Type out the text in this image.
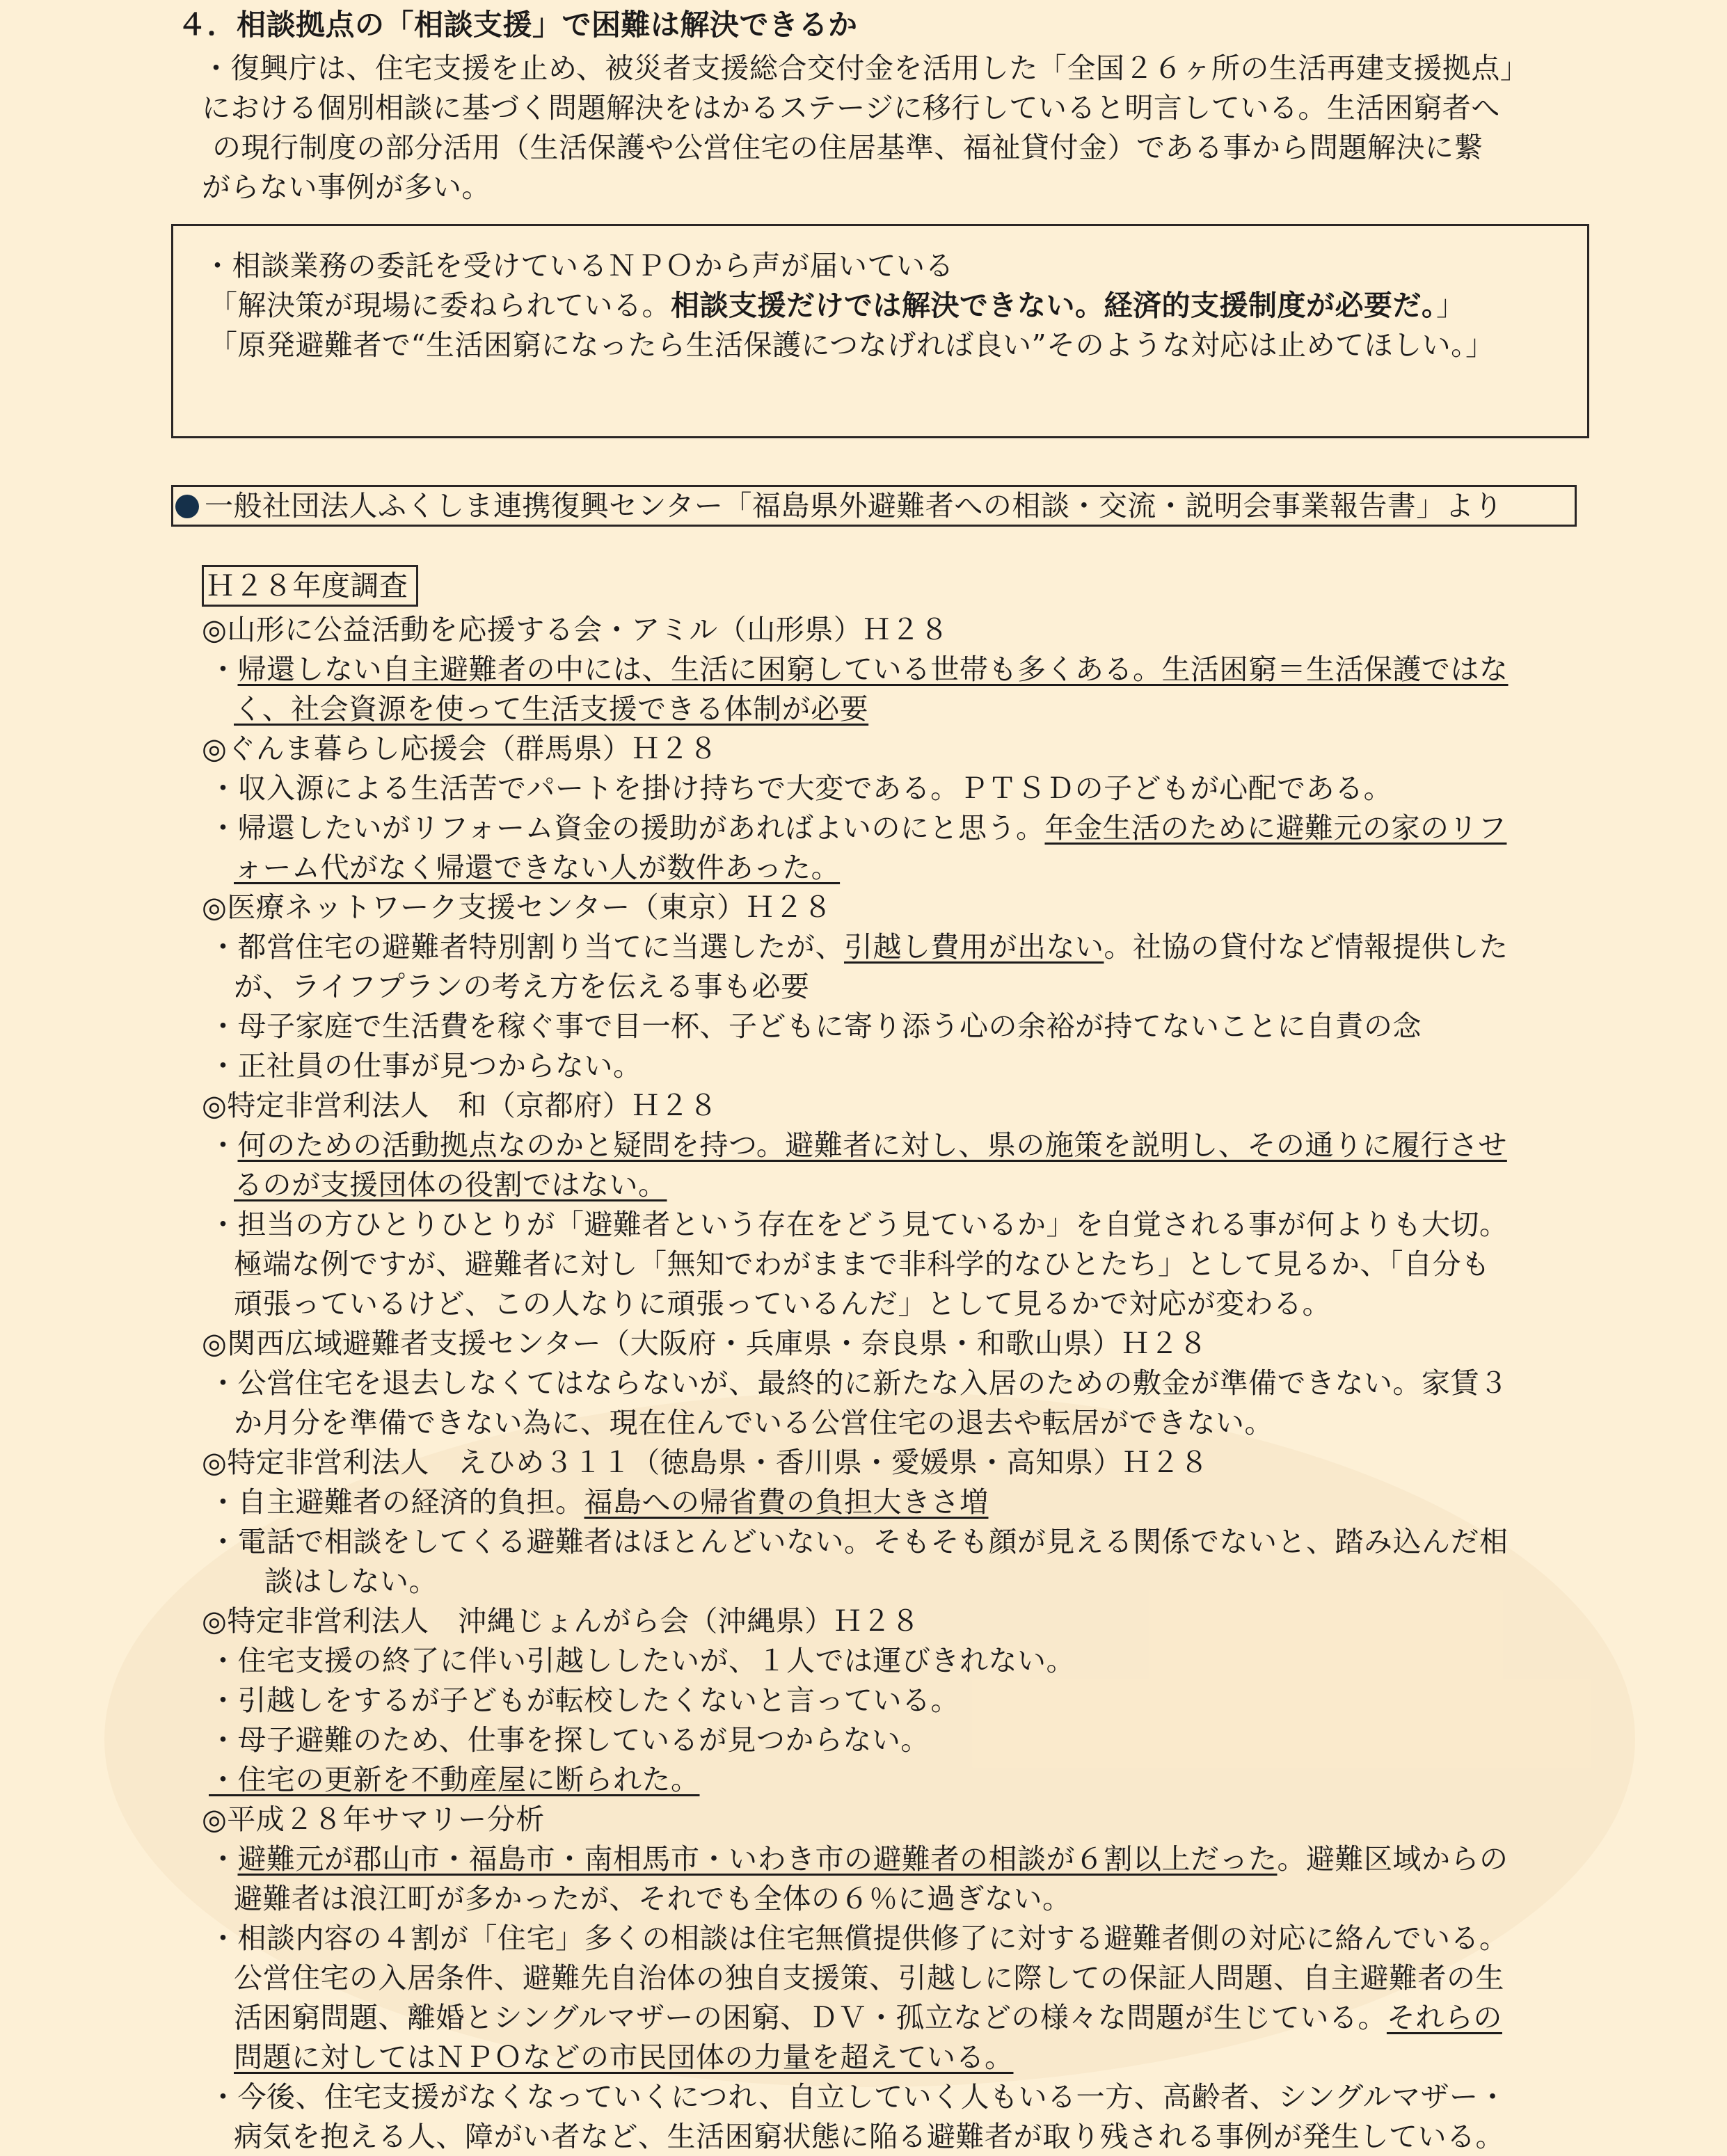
４．相談拠点の「相談支援」で困難は解決できるか
・復興庁は、住宅支援を止め、被災者支援総合交付金を活用した「全国２６ヶ所の生活再建支援拠点」
における個別相談に基づく問題解決をはかるステージに移行していると明言している。生活困窮者へ
の現行制度の部分活用（生活保護や公営住宅の住居基準、福祉貸付金）である事から問題解決に繋
がらない事例が多い。
・相談業務の委託を受けているＮＰＯから声が届いている
「解決策が現場に委ねられている。相談支援だけでは解決できない。経済的支援制度が必要だ。」
「原発避難者で“生活困窮になったら生活保護につなげれば良い”そのような対応は止めてほしい。」
一般社団法人ふくしま連携復興センター「福島県外避難者への相談・交流・説明会事業報告書」より
Ｈ２８年度調査
◎山形に公益活動を応援する会・アミル（山形県）Ｈ２８
・帰還しない自主避難者の中には、生活に困窮している世帯も多くある。生活困窮＝生活保護ではな
く、社会資源を使って生活支援できる体制が必要
◎ぐんま暮らし応援会（群馬県）Ｈ２８
・収入源による生活苦でパートを掛け持ちで大変である。ＰＴＳＤの子どもが心配である。
・帰還したいがリフォーム資金の援助があればよいのにと思う。年金生活のために避難元の家のリフ
ォーム代がなく帰還できない人が数件あった。
◎医療ネットワーク支援センター（東京）Ｈ２８
・都営住宅の避難者特別割り当てに当選したが、引越し費用が出ない。社協の貸付など情報提供した
が、ライフプランの考え方を伝える事も必要
・母子家庭で生活費を稼ぐ事で目一杯、子どもに寄り添う心の余裕が持てないことに自責の念
・正社員の仕事が見つからない。
◎特定非営利法人　和（京都府）Ｈ２８
・何のための活動拠点なのかと疑問を持つ。避難者に対し、県の施策を説明し、その通りに履行させ
るのが支援団体の役割ではない。
・担当の方ひとりひとりが「避難者という存在をどう見ているか」を自覚される事が何よりも大切。
極端な例ですが、避難者に対し「無知でわがままで非科学的なひとたち」として見るか、「自分も
頑張っているけど、この人なりに頑張っているんだ」として見るかで対応が変わる。
◎関西広域避難者支援センター（大阪府・兵庫県・奈良県・和歌山県）Ｈ２８
・公営住宅を退去しなくてはならないが、最終的に新たな入居のための敷金が準備できない。家賃３
か月分を準備できない為に、現在住んでいる公営住宅の退去や転居ができない。
◎特定非営利法人　えひめ３１１（徳島県・香川県・愛媛県・高知県）Ｈ２８
・自主避難者の経済的負担。福島への帰省費の負担大きさ増
・電話で相談をしてくる避難者はほとんどいない。そもそも顔が見える関係でないと、踏み込んだ相
談はしない。
◎特定非営利法人　沖縄じょんがら会（沖縄県）Ｈ２８
・住宅支援の終了に伴い引越ししたいが、１人では運びきれない。
・引越しをするが子どもが転校したくないと言っている。
・母子避難のため、仕事を探しているが見つからない。
・住宅の更新を不動産屋に断られた。
◎平成２８年サマリー分析
・避難元が郡山市・福島市・南相馬市・いわき市の避難者の相談が６割以上だった。避難区域からの
避難者は浪江町が多かったが、それでも全体の６％に過ぎない。
・相談内容の４割が「住宅」多くの相談は住宅無償提供修了に対する避難者側の対応に絡んでいる。
公営住宅の入居条件、避難先自治体の独自支援策、引越しに際しての保証人問題、自主避難者の生
活困窮問題、離婚とシングルマザーの困窮、ＤＶ・孤立などの様々な問題が生じている。それらの
問題に対してはＮＰＯなどの市民団体の力量を超えている。
・今後、住宅支援がなくなっていくにつれ、自立していく人もいる一方、高齢者、シングルマザー・
病気を抱える人、障がい者など、生活困窮状態に陥る避難者が取り残される事例が発生している。
